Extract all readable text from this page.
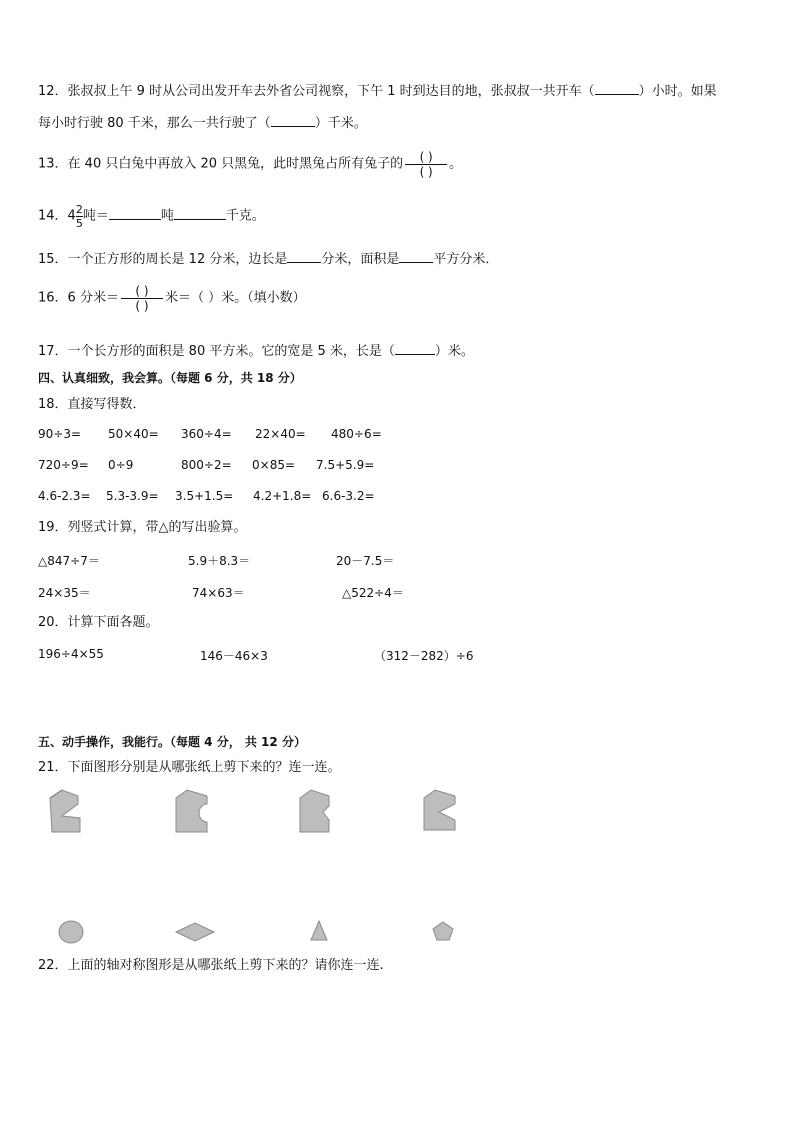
12．张叔叔上午 9 时从公司出发开车去外省公司视察，下午 1 时到达目的地，张叔叔一共开车（	）小时。如果
每小时行驶 80 千米，那么一共行驶了（	）千米。
13．在 40 只白兔中再放入 20 只黑兔，此时黑兔占所有兔子的 $\frac{( )}{( )}$ 。
14．$4\frac{2}{5}$吨＝	吨	千克。
15．一个正方形的周长是 12 分米，边长是	分米，面积是	平方分米．
16．6 分米＝ $\frac{( )}{( )}$ 米＝（ ）米。（填小数）
17．一个长方形的面积是 80 平方米。它的宽是 5 米，长是（	）米。
四、认真细致，我会算。（每题 6 分，共 18 分）
18．直接写得数．
90÷3= 50×40= 360÷4= 22×40= 480÷6=
720÷9= 0÷9	800÷2= 0×85= 7.5+5.9=
4.6-2.3= 5.3-3.9= 3.5+1.5= 4.2+1.8= 6.6-3.2=
19．列竖式计算，带△的写出验算。
△847÷7＝	5.9＋8.3＝	20－7.5＝
24×35＝	74×63＝	△522÷4＝
20．计算下面各题。
196÷4×55	146－46×3	（312－282）÷6
五、动手操作，我能行。（每题 4 分， 共 12 分）
21．下面图形分别是从哪张纸上剪下来的？连一连。
22．上面的轴对称图形是从哪张纸上剪下来的？请你连一连.
